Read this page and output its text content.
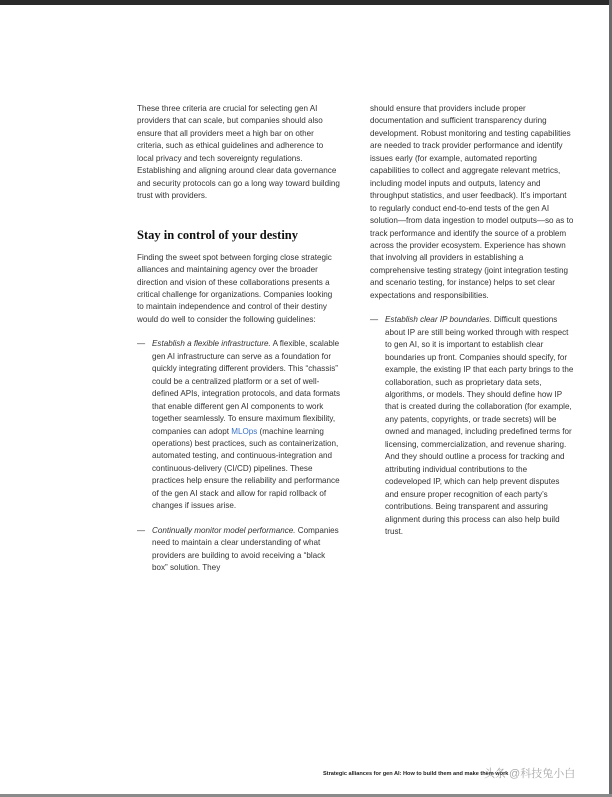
These three criteria are crucial for selecting gen AI providers that can scale, but companies should also ensure that all providers meet a high bar on other criteria, such as ethical guidelines and adherence to local privacy and tech sovereignty regulations. Establishing and aligning around clear data governance and security protocols can go a long way toward building trust with providers.

Stay in control of your destiny

Finding the sweet spot between forging close strategic alliances and maintaining agency over the broader direction and vision of these collaborations presents a critical challenge for organizations. Companies looking to maintain independence and control of their destiny would do well to consider the following guidelines:

— Establish a flexible infrastructure. A flexible, scalable gen AI infrastructure can serve as a foundation for quickly integrating different providers. This “chassis” could be a centralized platform or a set of well-defined APIs, integration protocols, and data formats that enable different gen AI components to work together seamlessly. To ensure maximum flexibility, companies can adopt MLOps (machine learning operations) best practices, such as containerization, automated testing, and continuous-integration and continuous-delivery (CI/CD) pipelines. These practices help ensure the reliability and performance of the gen AI stack and allow for rapid rollback of changes if issues arise.

— Continually monitor model performance. Companies need to maintain a clear understanding of what providers are building to avoid receiving a “black box” solution. They

should ensure that providers include proper documentation and sufficient transparency during development. Robust monitoring and testing capabilities are needed to track provider performance and identify issues early (for example, automated reporting capabilities to collect and aggregate relevant metrics, including model inputs and outputs, latency and throughput statistics, and user feedback). It’s important to regularly conduct end-to-end tests of the gen AI solution—from data ingestion to model outputs—so as to track performance and identify the source of a problem across the provider ecosystem. Experience has shown that involving all providers in establishing a comprehensive testing strategy (joint integration testing and scenario testing, for instance) helps to set clear expectations and responsibilities.

— Establish clear IP boundaries. Difficult questions about IP are still being worked through with respect to gen AI, so it is important to establish clear boundaries up front. Companies should specify, for example, the existing IP that each party brings to the collaboration, such as proprietary data sets, algorithms, or models. They should define how IP that is created during the collaboration (for example, any patents, copyrights, or trade secrets) will be owned and managed, including predefined terms for licensing, commercialization, and revenue sharing. And they should outline a process for tracking and attributing individual contributions to the codeveloped IP, which can help prevent disputes and ensure proper recognition of each party’s contributions. Being transparent and assuring alignment during this process can also help build trust.

Strategic alliances for gen AI: How to build them and make them work
头条 @科技兔小白
